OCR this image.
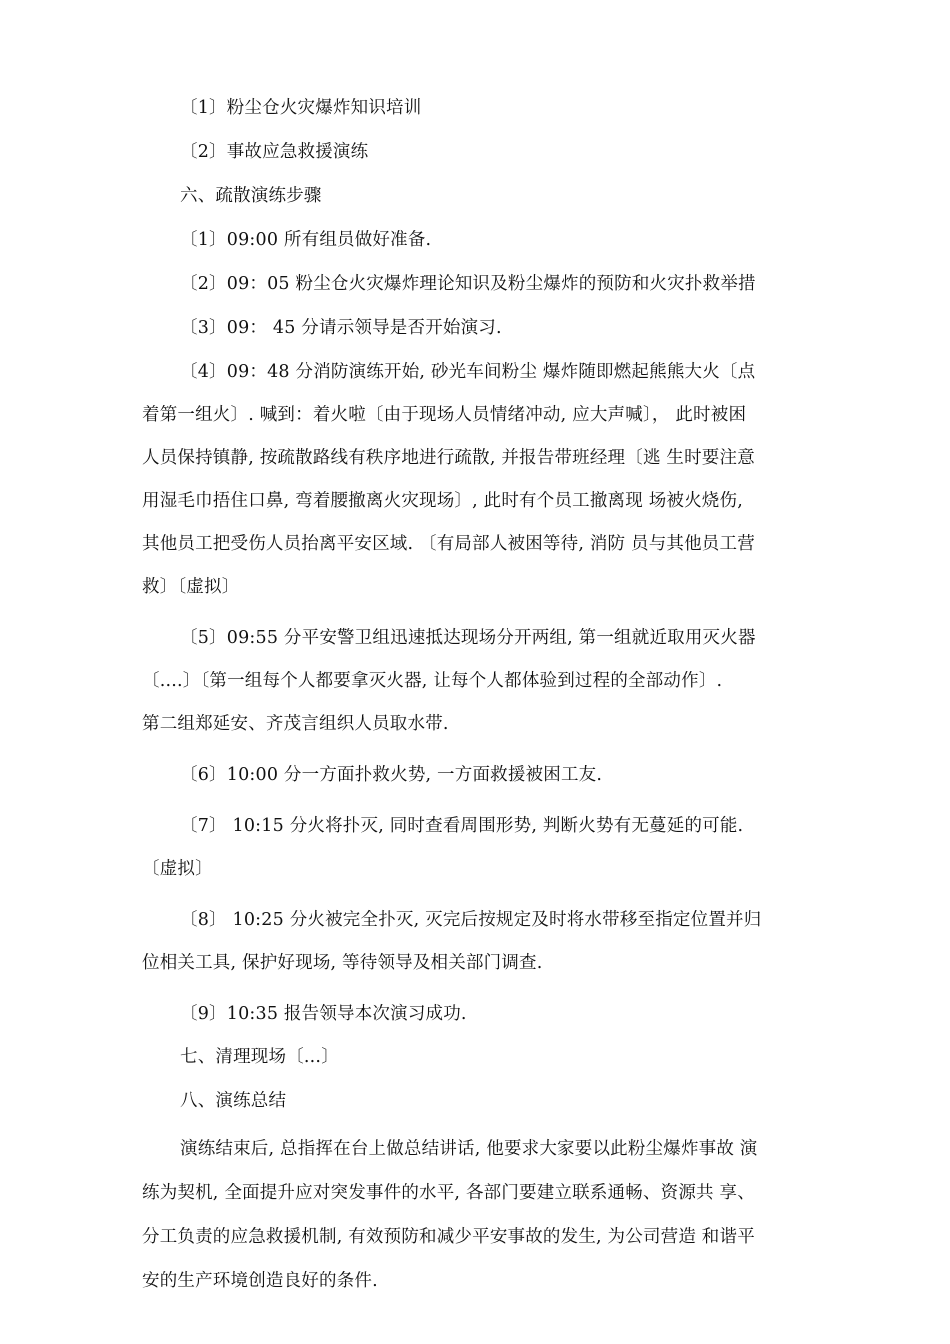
〔1〕粉尘仓火灾爆炸知识培训
〔2〕事故应急救援演练
六、疏散演练步骤
〔1〕09:00 所有组员做好准备.
〔2〕09：05 粉尘仓火灾爆炸理论知识及粉尘爆炸的预防和火灾扑救举措
〔3〕09： 45 分请示领导是否开始演习.
〔4〕09：48 分消防演练开始, 砂光车间粉尘 爆炸随即燃起熊熊大火〔点
着第一组火〕. 喊到：着火啦〔由于现场人员情绪冲动, 应大声喊〕， 此时被困
人员保持镇静, 按疏散路线有秩序地进行疏散, 并报告带班经理〔逃 生时要注意
用湿毛巾捂住口鼻, 弯着腰撤离火灾现场〕, 此时有个员工撤离现 场被火烧伤,
其他员工把受伤人员抬离平安区域. 〔有局部人被困等待, 消防 员与其他员工营
救〕〔虚拟〕
〔5〕09:55 分平安警卫组迅速抵达现场分开两组, 第一组就近取用灭火器
〔....〕〔第一组每个人都要拿灭火器, 让每个人都体验到过程的全部动作〕.
第二组郑延安、齐茂言组织人员取水带.
〔6〕10:00 分一方面扑救火势, 一方面救援被困工友.
〔7〕 10:15 分火将扑灭, 同时查看周围形势, 判断火势有无蔓延的可能.
〔虚拟〕
〔8〕 10:25 分火被完全扑灭, 灭完后按规定及时将水带移至指定位置并归
位相关工具, 保护好现场, 等待领导及相关部门调查.
〔9〕10:35 报告领导本次演习成功.
七、清理现场〔...〕
八、演练总结
演练结束后, 总指挥在台上做总结讲话, 他要求大家要以此粉尘爆炸事故 演
练为契机, 全面提升应对突发事件的水平, 各部门要建立联系通畅、资源共 享、
分工负责的应急救援机制, 有效预防和减少平安事故的发生, 为公司营造 和谐平
安的生产环境创造良好的条件.
